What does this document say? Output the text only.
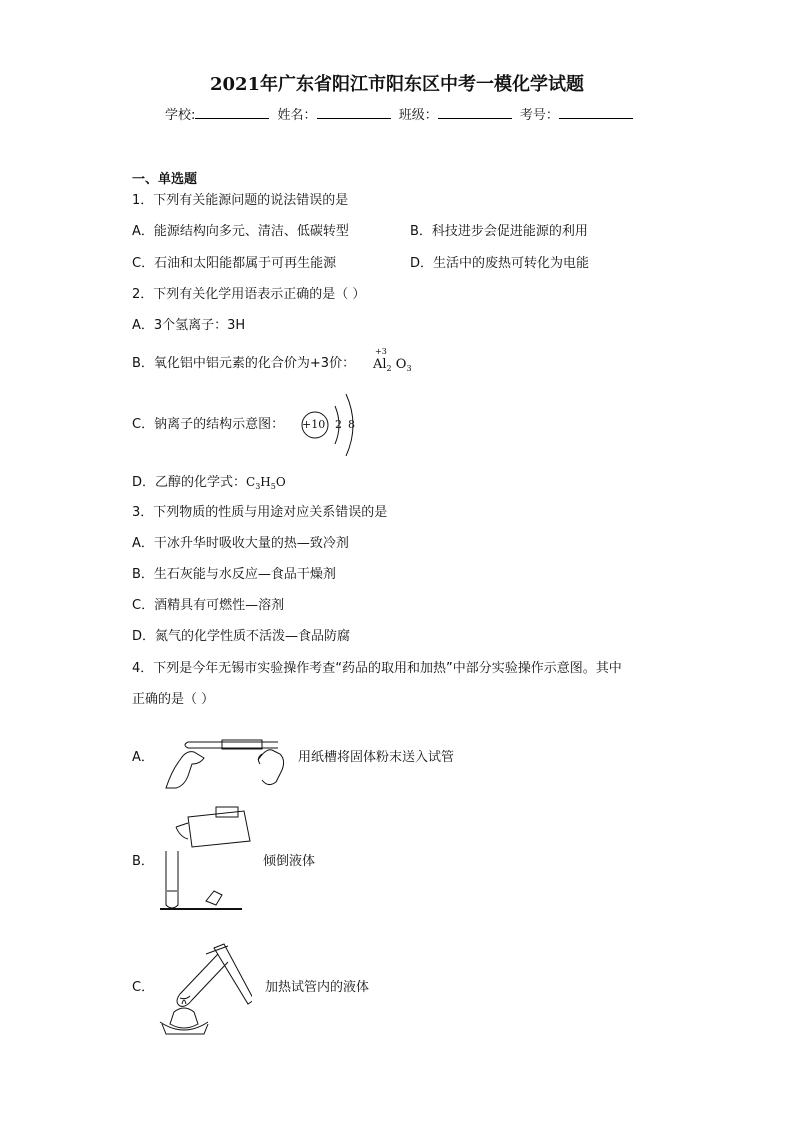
2021年广东省阳江市阳东区中考一模化学试题
学校:	姓名：	班级：	考号：
一、单选题
1．下列有关能源问题的说法错误的是
A．能源结构向多元、清洁、低碳转型	B．科技进步会促进能源的利用
C．石油和太阳能都属于可再生能源	D．生活中的废热可转化为电能
2．下列有关化学用语表示正确的是（ ）
A．3个氢离子：3H
B．氧化铝中铝元素的化合价为+3价：
+3
$Al_2$ $O_3$
C．钠离子的结构示意图： +10 2 8
D．乙醇的化学式：$C_3H_5O$
3．下列物质的性质与用途对应关系错误的是
A．干冰升华时吸收大量的热—致冷剂
B．生石灰能与水反应—食品干燥剂
C．酒精具有可燃性—溶剂
D．氮气的化学性质不活泼—食品防腐
4．下列是今年无锡市实验操作考查“药品的取用和加热”中部分实验操作示意图。其中
正确的是（ ）
A．	用纸槽将固体粉末送入试管
B．	倾倒液体
C．	加热试管内的液体
